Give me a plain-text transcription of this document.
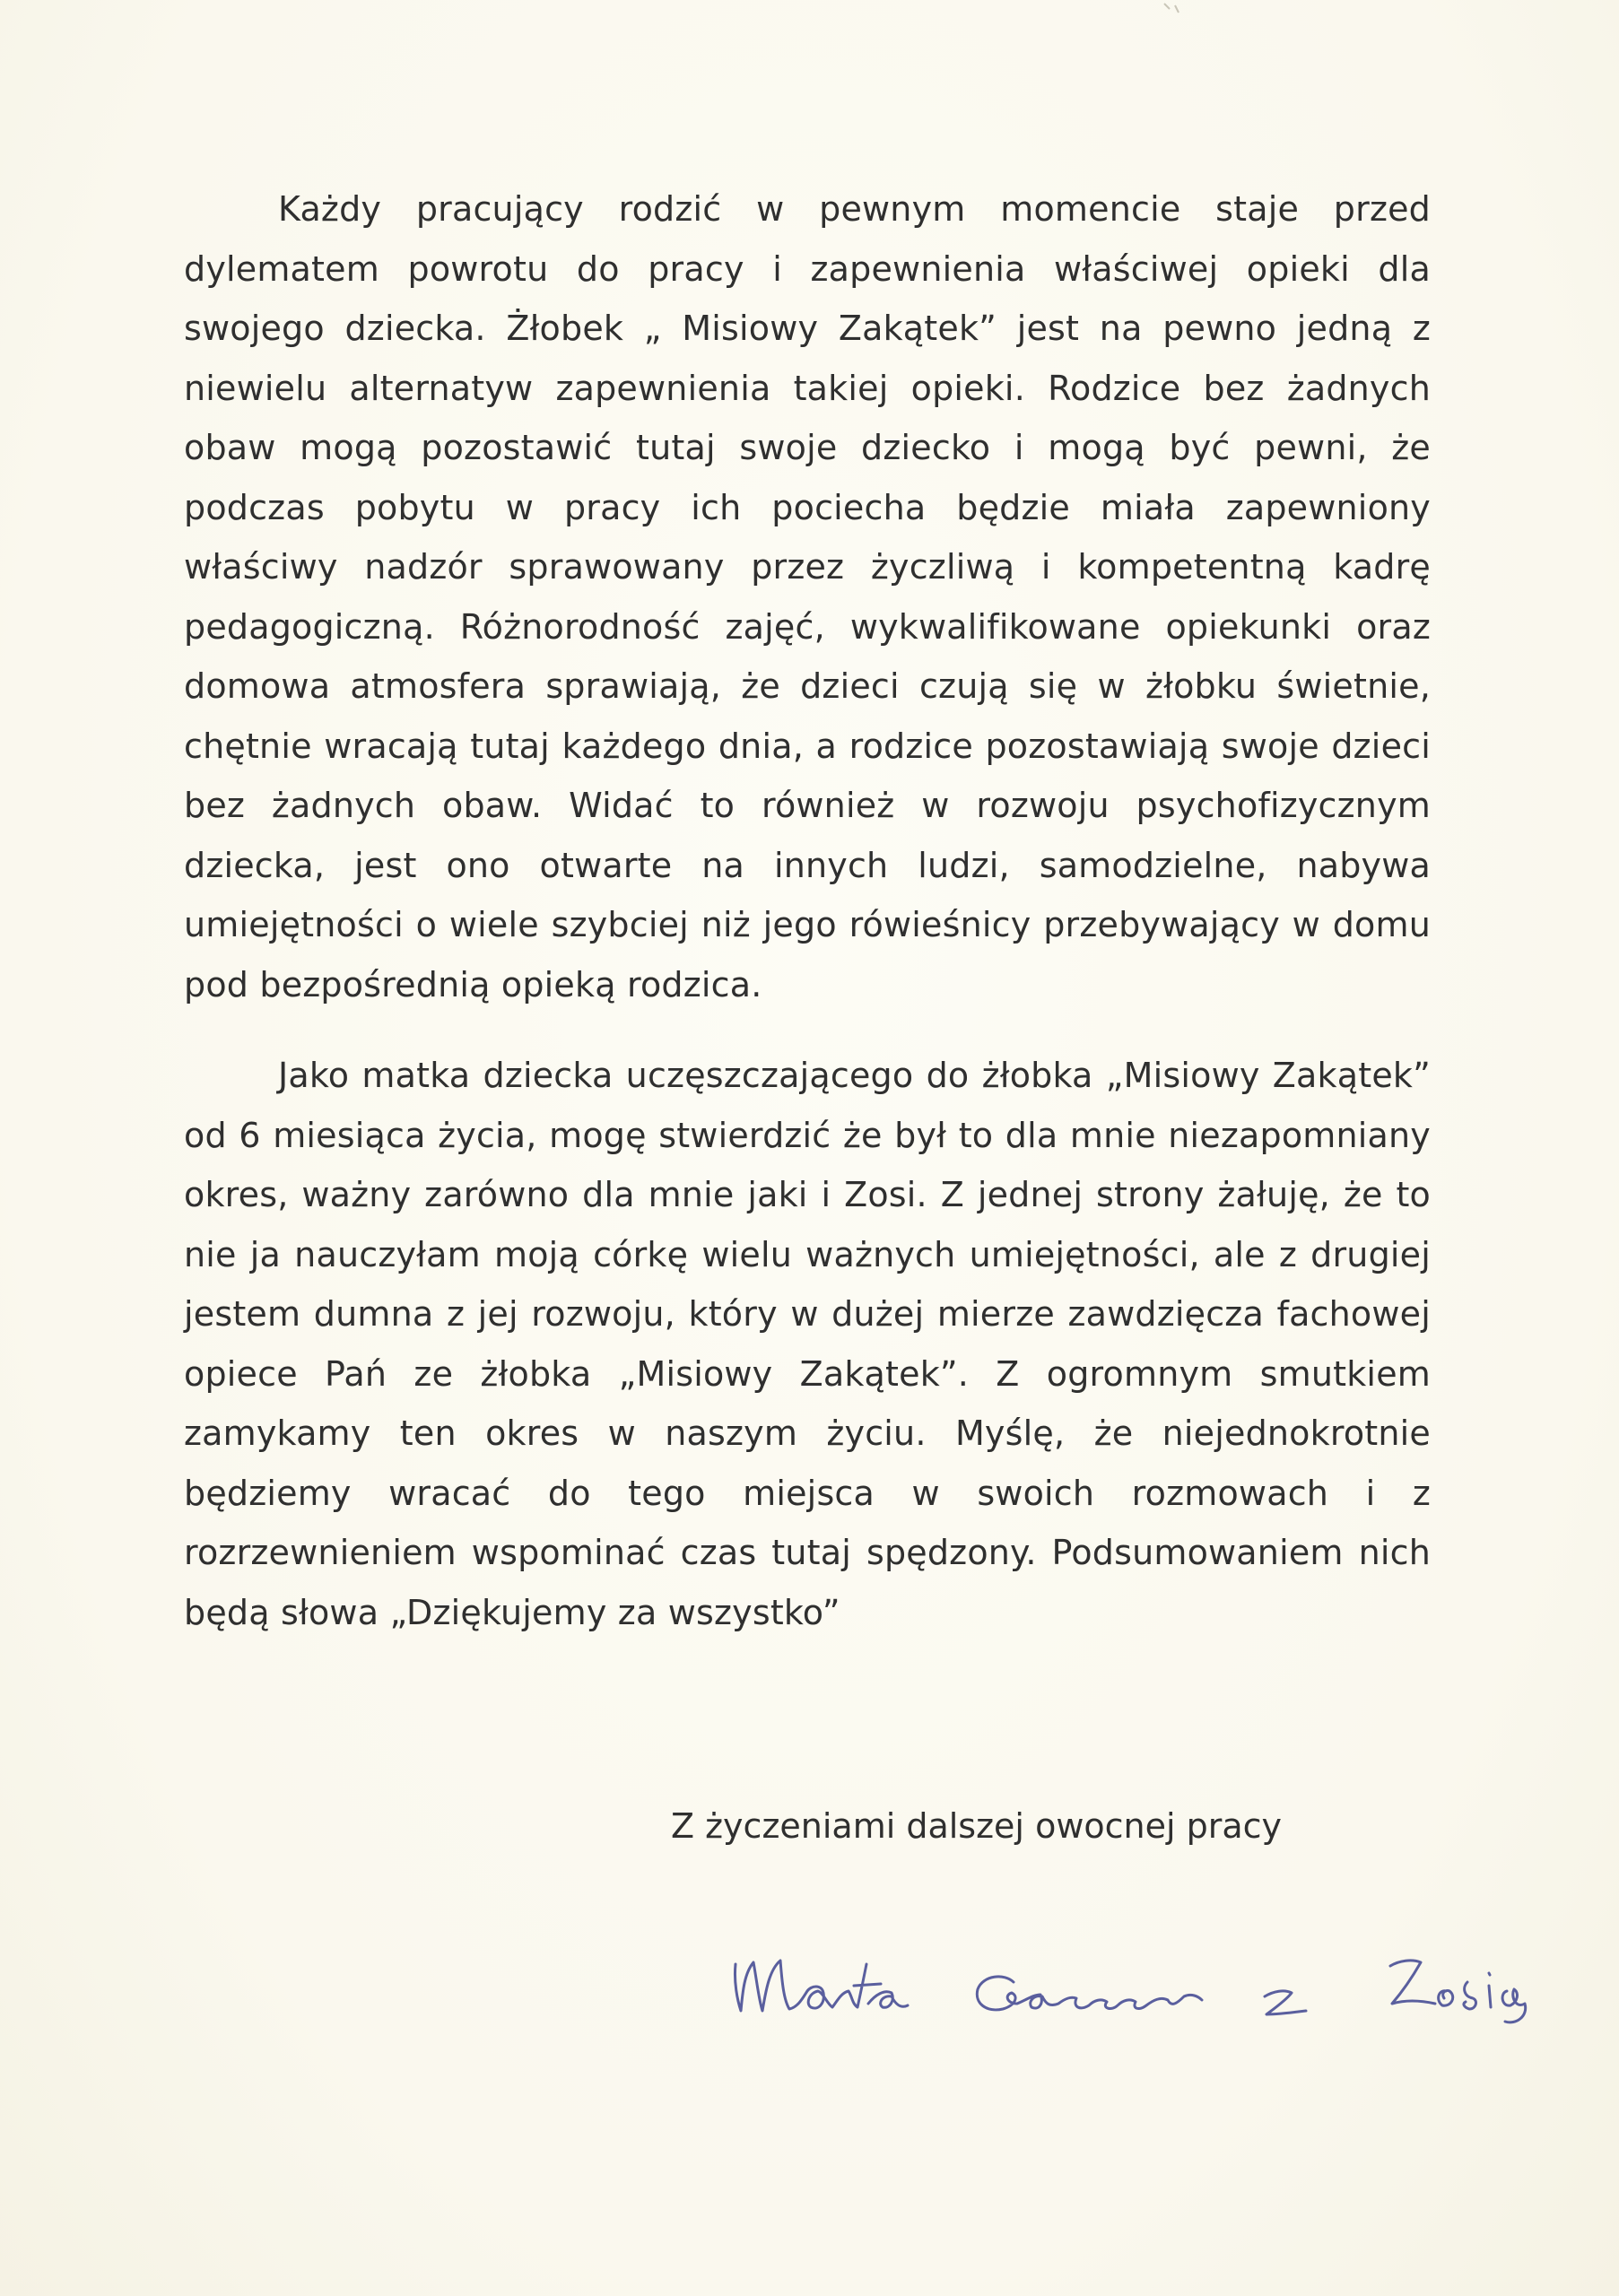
Każdy pracujący rodzić w pewnym momencie staje przed dylematem powrotu do pracy i zapewnienia właściwej opieki dla swojego dziecka. Żłobek „ Misiowy Zakątek” jest na pewno jedną z niewielu alternatyw zapewnienia takiej opieki. Rodzice bez żadnych obaw mogą pozostawić tutaj swoje dziecko i mogą być pewni, że podczas pobytu w pracy ich pociecha będzie miała zapewniony właściwy nadzór sprawowany przez życzliwą i kompetentną kadrę pedagogiczną. Różnorodność zajęć, wykwalifikowane opiekunki oraz domowa atmosfera sprawiają, że dzieci czują się w żłobku świetnie, chętnie wracają tutaj każdego dnia, a rodzice pozostawiają swoje dzieci bez żadnych obaw. Widać to również w rozwoju psychofizycznym dziecka, jest ono otwarte na innych ludzi, samodzielne, nabywa umiejętności o wiele szybciej niż jego rówieśnicy przebywający w domu pod bezpośrednią opieką rodzica.

Jako matka dziecka uczęszczającego do żłobka „Misiowy Zakątek” od 6 miesiąca życia, mogę stwierdzić że był to dla mnie niezapomniany okres, ważny zarówno dla mnie jaki i Zosi. Z jednej strony żałuję, że to nie ja nauczyłam moją córkę wielu ważnych umiejętności, ale z drugiej jestem dumna z jej rozwoju, który w dużej mierze zawdzięcza fachowej opiece Pań ze żłobka „Misiowy Zakątek”. Z ogromnym smutkiem zamykamy ten okres w naszym życiu. Myślę, że niejednokrotnie będziemy wracać do tego miejsca w swoich rozmowach i z rozrzewnieniem wspominać czas tutaj spędzony. Podsumowaniem nich będą słowa „Dziękujemy za wszystko”

Z życzeniami dalszej owocnej pracy
